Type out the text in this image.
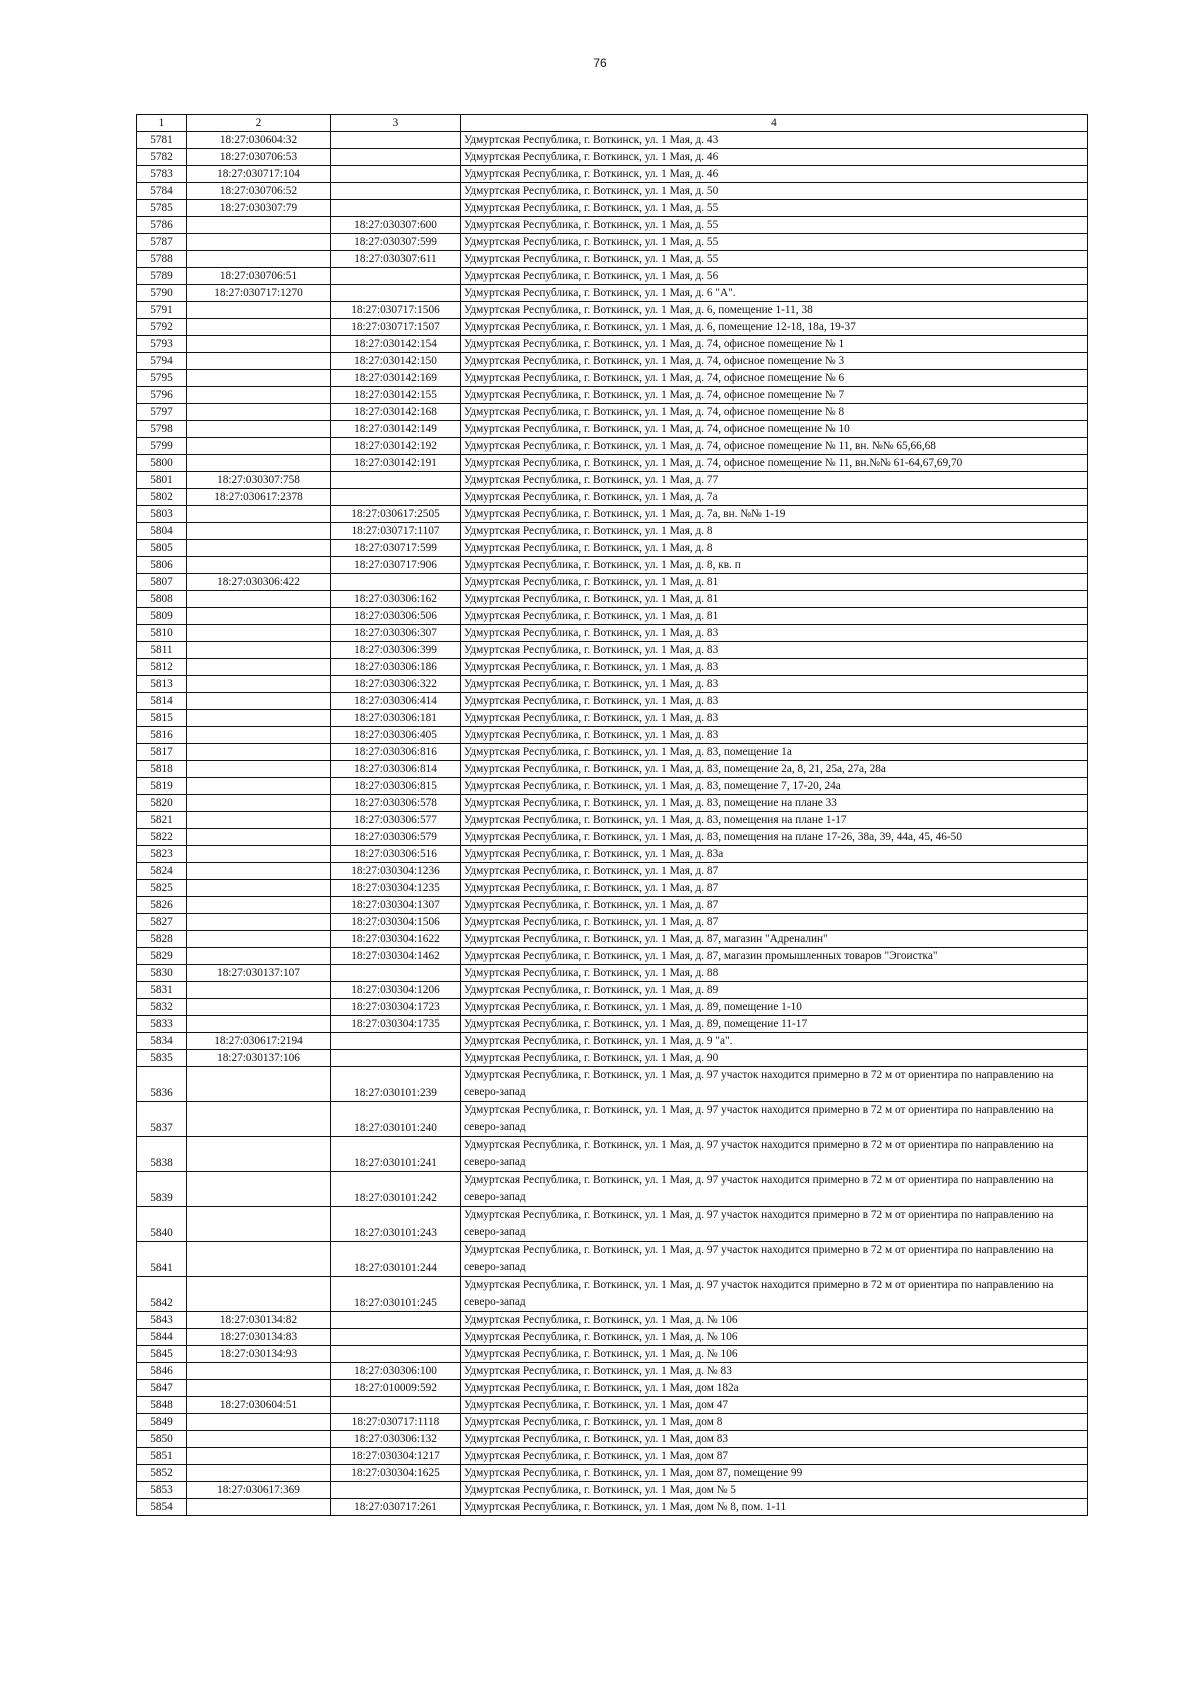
76
1	2	3	4
5781	18:27:030604:32		Удмуртская Республика, г. Воткинск, ул. 1 Мая, д. 43
5782	18:27:030706:53		Удмуртская Республика, г. Воткинск, ул. 1 Мая, д. 46
5783	18:27:030717:104		Удмуртская Республика, г. Воткинск, ул. 1 Мая, д. 46
5784	18:27:030706:52		Удмуртская Республика, г. Воткинск, ул. 1 Мая, д. 50
5785	18:27:030307:79		Удмуртская Республика, г. Воткинск, ул. 1 Мая, д. 55
5786		18:27:030307:600	Удмуртская Республика, г. Воткинск, ул. 1 Мая, д. 55
5787		18:27:030307:599	Удмуртская Республика, г. Воткинск, ул. 1 Мая, д. 55
5788		18:27:030307:611	Удмуртская Республика, г. Воткинск, ул. 1 Мая, д. 55
5789	18:27:030706:51		Удмуртская Республика, г. Воткинск, ул. 1 Мая, д. 56
5790	18:27:030717:1270		Удмуртская Республика, г. Воткинск, ул. 1 Мая, д. 6 "А".
5791		18:27:030717:1506	Удмуртская Республика, г. Воткинск, ул. 1 Мая, д. 6, помещение 1-11, 38
5792		18:27:030717:1507	Удмуртская Республика, г. Воткинск, ул. 1 Мая, д. 6, помещение 12-18, 18а, 19-37
5793		18:27:030142:154	Удмуртская Республика, г. Воткинск, ул. 1 Мая, д. 74, офисное помещение № 1
5794		18:27:030142:150	Удмуртская Республика, г. Воткинск, ул. 1 Мая, д. 74, офисное помещение № 3
5795		18:27:030142:169	Удмуртская Республика, г. Воткинск, ул. 1 Мая, д. 74, офисное помещение № 6
5796		18:27:030142:155	Удмуртская Республика, г. Воткинск, ул. 1 Мая, д. 74, офисное помещение № 7
5797		18:27:030142:168	Удмуртская Республика, г. Воткинск, ул. 1 Мая, д. 74, офисное помещение № 8
5798		18:27:030142:149	Удмуртская Республика, г. Воткинск, ул. 1 Мая, д. 74, офисное помещение № 10
5799		18:27:030142:192	Удмуртская Республика, г. Воткинск, ул. 1 Мая, д. 74, офисное помещение № 11, вн. №№ 65,66,68
5800		18:27:030142:191	Удмуртская Республика, г. Воткинск, ул. 1 Мая, д. 74, офисное помещение № 11, вн.№№ 61-64,67,69,70
5801	18:27:030307:758		Удмуртская Республика, г. Воткинск, ул. 1 Мая, д. 77
5802	18:27:030617:2378		Удмуртская Республика, г. Воткинск, ул. 1 Мая, д. 7а
5803		18:27:030617:2505	Удмуртская Республика, г. Воткинск, ул. 1 Мая, д. 7а, вн. №№ 1-19
5804		18:27:030717:1107	Удмуртская Республика, г. Воткинск, ул. 1 Мая, д. 8
5805		18:27:030717:599	Удмуртская Республика, г. Воткинск, ул. 1 Мая, д. 8
5806		18:27:030717:906	Удмуртская Республика, г. Воткинск, ул. 1 Мая, д. 8, кв. п
5807	18:27:030306:422		Удмуртская Республика, г. Воткинск, ул. 1 Мая, д. 81
5808		18:27:030306:162	Удмуртская Республика, г. Воткинск, ул. 1 Мая, д. 81
5809		18:27:030306:506	Удмуртская Республика, г. Воткинск, ул. 1 Мая, д. 81
5810		18:27:030306:307	Удмуртская Республика, г. Воткинск, ул. 1 Мая, д. 83
5811		18:27:030306:399	Удмуртская Республика, г. Воткинск, ул. 1 Мая, д. 83
5812		18:27:030306:186	Удмуртская Республика, г. Воткинск, ул. 1 Мая, д. 83
5813		18:27:030306:322	Удмуртская Республика, г. Воткинск, ул. 1 Мая, д. 83
5814		18:27:030306:414	Удмуртская Республика, г. Воткинск, ул. 1 Мая, д. 83
5815		18:27:030306:181	Удмуртская Республика, г. Воткинск, ул. 1 Мая, д. 83
5816		18:27:030306:405	Удмуртская Республика, г. Воткинск, ул. 1 Мая, д. 83
5817		18:27:030306:816	Удмуртская Республика, г. Воткинск, ул. 1 Мая, д. 83, помещение 1а
5818		18:27:030306:814	Удмуртская Республика, г. Воткинск, ул. 1 Мая, д. 83, помещение 2а, 8, 21, 25а, 27а, 28а
5819		18:27:030306:815	Удмуртская Республика, г. Воткинск, ул. 1 Мая, д. 83, помещение 7, 17-20, 24а
5820		18:27:030306:578	Удмуртская Республика, г. Воткинск, ул. 1 Мая, д. 83, помещение на плане 33
5821		18:27:030306:577	Удмуртская Республика, г. Воткинск, ул. 1 Мая, д. 83, помещения на плане 1-17
5822		18:27:030306:579	Удмуртская Республика, г. Воткинск, ул. 1 Мая, д. 83, помещения на плане 17-26, 38а, 39, 44а, 45, 46-50
5823		18:27:030306:516	Удмуртская Республика, г. Воткинск, ул. 1 Мая, д. 83а
5824		18:27:030304:1236	Удмуртская Республика, г. Воткинск, ул. 1 Мая, д. 87
5825		18:27:030304:1235	Удмуртская Республика, г. Воткинск, ул. 1 Мая, д. 87
5826		18:27:030304:1307	Удмуртская Республика, г. Воткинск, ул. 1 Мая, д. 87
5827		18:27:030304:1506	Удмуртская Республика, г. Воткинск, ул. 1 Мая, д. 87
5828		18:27:030304:1622	Удмуртская Республика, г. Воткинск, ул. 1 Мая, д. 87, магазин "Адреналин"
5829		18:27:030304:1462	Удмуртская Республика, г. Воткинск, ул. 1 Мая, д. 87, магазин промышленных товаров "Эгоистка"
5830	18:27:030137:107		Удмуртская Республика, г. Воткинск, ул. 1 Мая, д. 88
5831		18:27:030304:1206	Удмуртская Республика, г. Воткинск, ул. 1 Мая, д. 89
5832		18:27:030304:1723	Удмуртская Республика, г. Воткинск, ул. 1 Мая, д. 89, помещение 1-10
5833		18:27:030304:1735	Удмуртская Республика, г. Воткинск, ул. 1 Мая, д. 89, помещение 11-17
5834	18:27:030617:2194		Удмуртская Республика, г. Воткинск, ул. 1 Мая, д. 9 "а".
5835	18:27:030137:106		Удмуртская Республика, г. Воткинск, ул. 1 Мая, д. 90
5836		18:27:030101:239	Удмуртская Республика, г. Воткинск, ул. 1 Мая, д. 97 участок находится примерно в 72 м от ориентира по направлению на северо-запад
5837		18:27:030101:240	Удмуртская Республика, г. Воткинск, ул. 1 Мая, д. 97 участок находится примерно в 72 м от ориентира по направлению на северо-запад
5838		18:27:030101:241	Удмуртская Республика, г. Воткинск, ул. 1 Мая, д. 97 участок находится примерно в 72 м от ориентира по направлению на северо-запад
5839		18:27:030101:242	Удмуртская Республика, г. Воткинск, ул. 1 Мая, д. 97 участок находится примерно в 72 м от ориентира по направлению на северо-запад
5840		18:27:030101:243	Удмуртская Республика, г. Воткинск, ул. 1 Мая, д. 97 участок находится примерно в 72 м от ориентира по направлению на северо-запад
5841		18:27:030101:244	Удмуртская Республика, г. Воткинск, ул. 1 Мая, д. 97 участок находится примерно в 72 м от ориентира по направлению на северо-запад
5842		18:27:030101:245	Удмуртская Республика, г. Воткинск, ул. 1 Мая, д. 97 участок находится примерно в 72 м от ориентира по направлению на северо-запад
5843	18:27:030134:82		Удмуртская Республика, г. Воткинск, ул. 1 Мая, д. № 106
5844	18:27:030134:83		Удмуртская Республика, г. Воткинск, ул. 1 Мая, д. № 106
5845	18:27:030134:93		Удмуртская Республика, г. Воткинск, ул. 1 Мая, д. № 106
5846		18:27:030306:100	Удмуртская Республика, г. Воткинск, ул. 1 Мая, д. № 83
5847		18:27:010009:592	Удмуртская Республика, г. Воткинск, ул. 1 Мая, дом 182а
5848	18:27:030604:51		Удмуртская Республика, г. Воткинск, ул. 1 Мая, дом 47
5849		18:27:030717:1118	Удмуртская Республика, г. Воткинск, ул. 1 Мая, дом 8
5850		18:27:030306:132	Удмуртская Республика, г. Воткинск, ул. 1 Мая, дом 83
5851		18:27:030304:1217	Удмуртская Республика, г. Воткинск, ул. 1 Мая, дом 87
5852		18:27:030304:1625	Удмуртская Республика, г. Воткинск, ул. 1 Мая, дом 87, помещение 99
5853	18:27:030617:369		Удмуртская Республика, г. Воткинск, ул. 1 Мая, дом № 5
5854		18:27:030717:261	Удмуртская Республика, г. Воткинск, ул. 1 Мая, дом № 8, пом. 1-11
